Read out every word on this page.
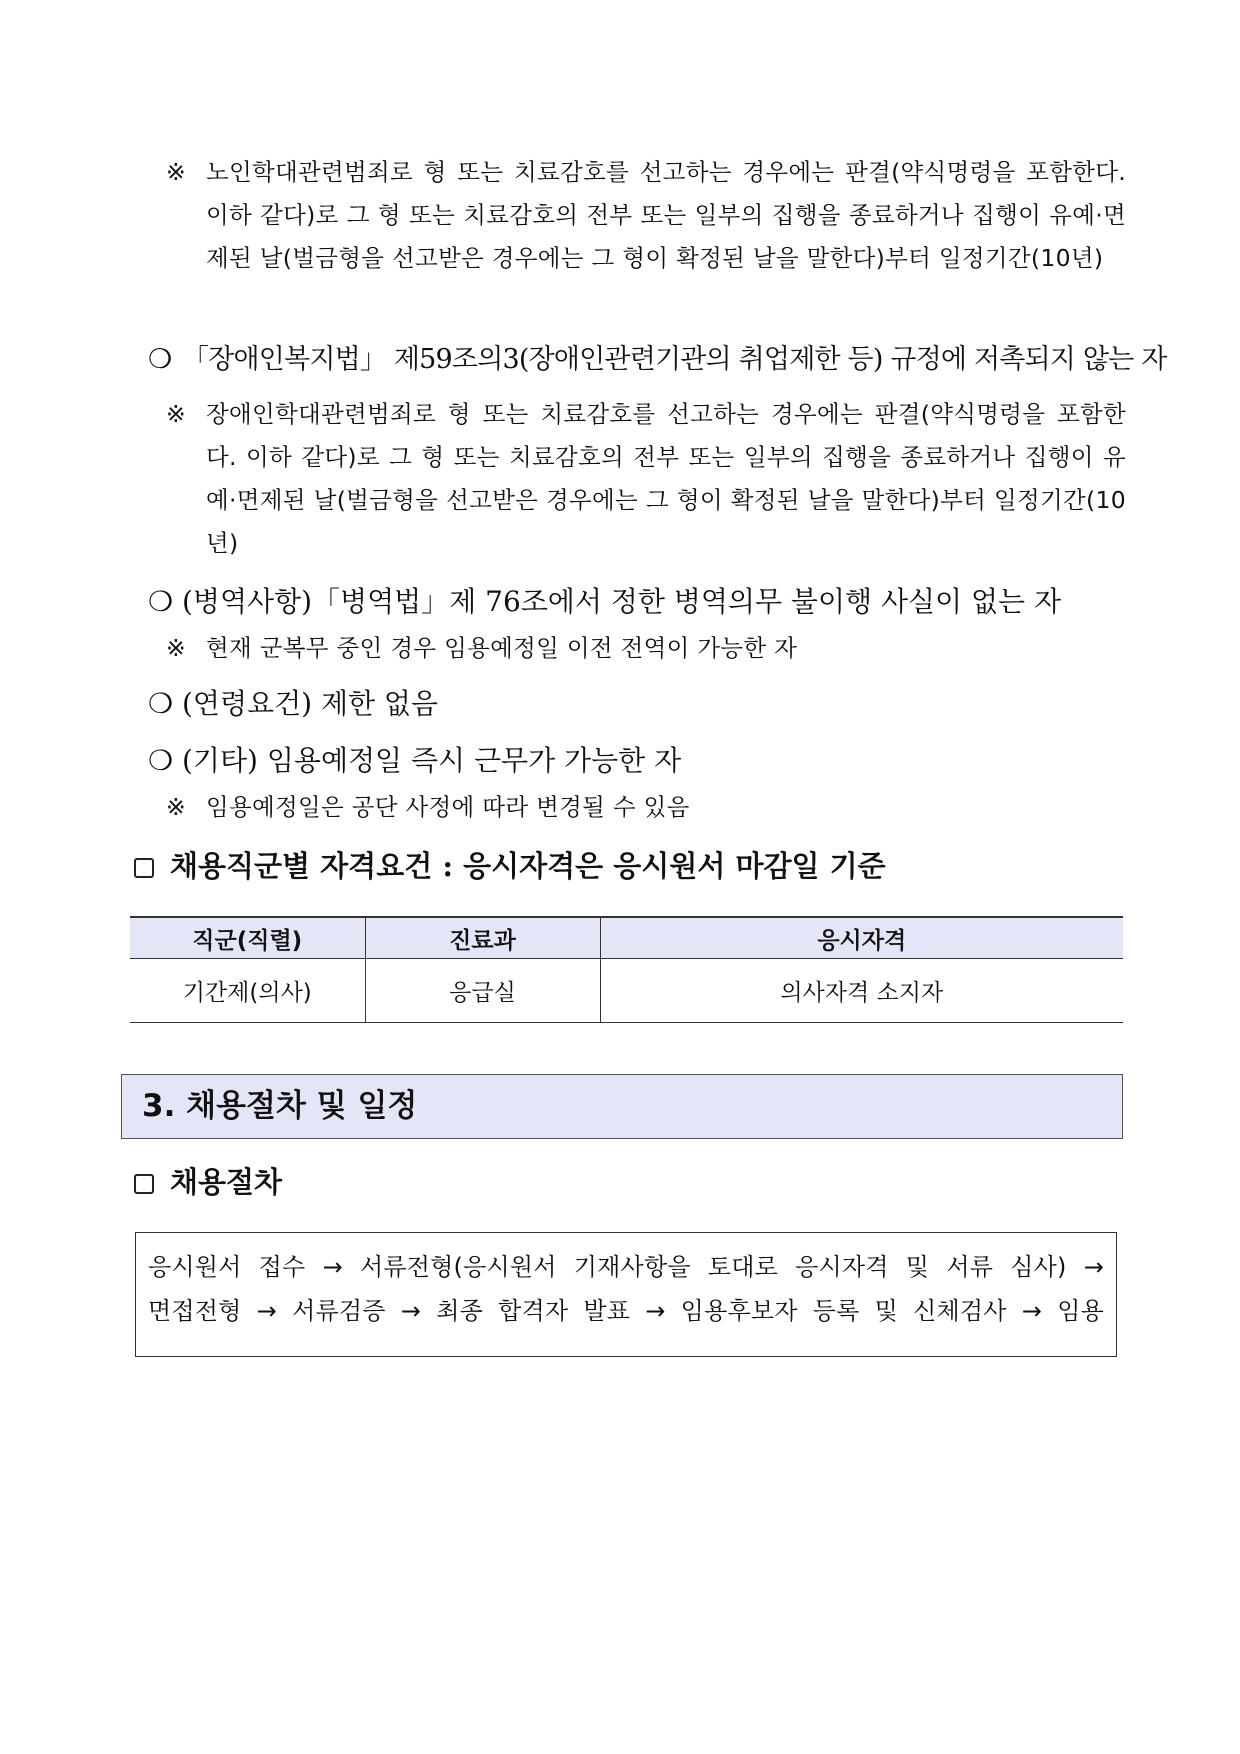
※ 노인학대관련범죄로 형 또는 치료감호를 선고하는 경우에는 판결(약식명령을 포함한다. 이하 같다)로 그 형 또는 치료감호의 전부 또는 일부의 집행을 종료하거나 집행이 유예·면제된 날(벌금형을 선고받은 경우에는 그 형이 확정된 날을 말한다)부터 일정기간(10년)
❍ 「장애인복지법」 제59조의3(장애인관련기관의 취업제한 등) 규정에 저촉되지 않는 자
※ 장애인학대관련범죄로 형 또는 치료감호를 선고하는 경우에는 판결(약식명령을 포함한다. 이하 같다)로 그 형 또는 치료감호의 전부 또는 일부의 집행을 종료하거나 집행이 유예·면제된 날(벌금형을 선고받은 경우에는 그 형이 확정된 날을 말한다)부터 일정기간(10년)
❍ (병역사항)「병역법」제 76조에서 정한 병역의무 불이행 사실이 없는 자
※ 현재 군복무 중인 경우 임용예정일 이전 전역이 가능한 자
❍ (연령요건) 제한 없음
❍ (기타) 임용예정일 즉시 근무가 가능한 자
※ 임용예정일은 공단 사정에 따라 변경될 수 있음
채용직군별 자격요건 : 응시자격은 응시원서 마감일 기준
직군(직렬)	진료과	응시자격
기간제(의사)	응급실	의사자격 소지자
3. 채용절차 및 일정
채용절차
응시원서 접수 → 서류전형(응시원서 기재사항을 토대로 응시자격 및 서류 심사) →
면접전형 → 서류검증 → 최종 합격자 발표 → 임용후보자 등록 및 신체검사 → 임용
